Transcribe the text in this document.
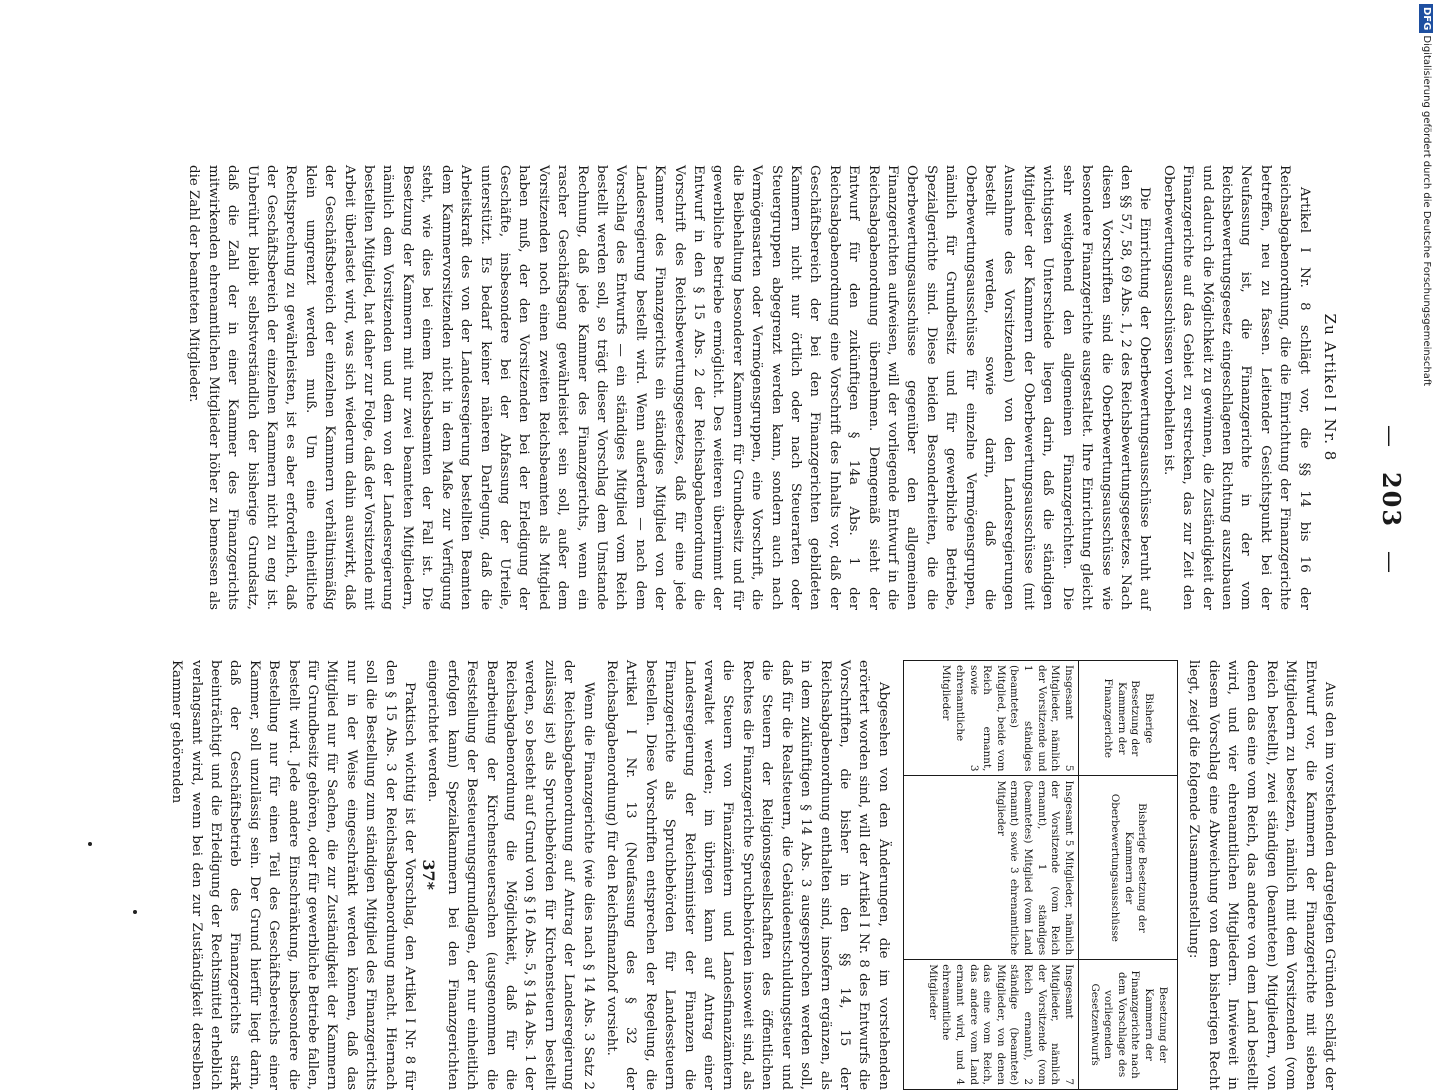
— 203 —
Zu Artikel I Nr. 8

Artikel I Nr. 8 schlägt vor, die §§ 14 bis 16 der Reichsabgabenordnung, die die Einrichtung der Finanzgerichte betreffen, neu zu fassen. Leitender Gesichtspunkt bei der Neufassung ist, die Finanzgerichte in der vom Reichsbewertungsgesetz eingeschlagenen Richtung auszubauen und dadurch die Möglichkeit zu gewinnen, die Zuständigkeit der Finanzgerichte auf das Gebiet zu erstrecken, das zur Zeit den Oberbewertungsausschüssen vorbehalten ist.

Die Einrichtung der Oberbewertungsausschüsse beruht auf den §§ 57, 58, 69 Abs. 1, 2 des Reichsbewertungsgesetzes. Nach diesen Vorschriften sind die Oberbewertungsausschüsse wie besondere Finanzgerichte ausgestaltet. Ihre Einrichtung gleicht sehr weitgehend den allgemeinen Finanzgerichten. Die wichtigsten Unterschiede liegen darin, daß die ständigen Mitglieder der Kammern der Oberbewertungsausschüsse (mit Ausnahme des Vorsitzenden) von den Landesregierungen bestellt werden, sowie darin, daß die Oberbewertungsausschüsse für einzelne Vermögensgruppen, nämlich für Grundbesitz und für gewerbliche Betriebe, Spezialgerichte sind. Diese beiden Besonderheiten, die die Oberbewertungsausschüsse gegenüber den allgemeinen Finanzgerichten aufweisen, will der vorliegende Entwurf in die Reichsabgabenordnung übernehmen. Demgemäß sieht der Entwurf für den zukünftigen § 14a Abs. 1 der Reichsabgabenordnung eine Vorschrift des Inhalts vor, daß der Geschäftsbereich der bei den Finanzgerichten gebildeten Kammern nicht nur örtlich oder nach Steuerarten oder Steuergruppen abgegrenzt werden kann, sondern auch nach Vermögensarten oder Vermögensgruppen, eine Vorschrift, die die Beibehaltung besonderer Kammern für Grundbesitz und für gewerbliche Betriebe ermöglicht. Des weiteren übernimmt der Entwurf in den § 15 Abs. 2 der Reichsabgabenordnung die Vorschrift des Reichsbewertungsgesetzes, daß für eine jede Kammer des Finanzgerichts ein ständiges Mitglied von der Landesregierung bestellt wird. Wenn außerdem — nach dem Vorschlag des Entwurfs — ein ständiges Mitglied vom Reich bestellt werden soll, so trägt dieser Vorschlag dem Umstande Rechnung, daß jede Kammer des Finanzgerichts, wenn ein rascher Geschäftsgang gewährleistet sein soll, außer dem Vorsitzenden noch einen zweiten Reichsbeamten als Mitglied haben muß, der den Vorsitzenden bei der Erledigung der Geschäfte, insbesondere bei der Abfassung der Urteile, unterstützt. Es bedarf keiner näheren Darlegung, daß die Arbeitskraft des von der Landesregierung bestellten Beamten dem Kammervorsitzenden nicht in dem Maße zur Verfügung steht, wie dies bei einem Reichsbeamten der Fall ist. Die Besetzung der Kammern mit nur zwei beamteten Mitgliedern, nämlich dem Vorsitzenden und dem von der Landesregierung bestellten Mitglied, hat daher zur Folge, daß der Vorsitzende mit Arbeit überlastet wird, was sich wiederum dahin auswirkt, daß der Geschäftsbereich der einzelnen Kammern verhältnismäßig klein umgrenzt werden muß. Um eine einheitliche Rechtsprechung zu gewährleisten, ist es aber erforderlich, daß der Geschäftsbereich der einzelnen Kammern nicht zu eng ist. Unberührt bleibt selbstverständlich der bisherige Grundsatz, daß die Zahl der in einer Kammer des Finanzgerichts mitwirkenden ehrenamtlichen Mitglieder höher zu bemessen als die Zahl der beamteten Mitglieder.

Aus den im vorstehenden dargelegten Gründen schlägt der Entwurf vor, die Kammern der Finanzgerichte mit sieben Mitgliedern zu besetzen, nämlich mit dem Vorsitzenden (vom Reich bestellt), zwei ständigen (beamteten) Mitgliedern, von denen das eine vom Reich, das andere von dem Land bestellt wird, und vier ehrenamtlichen Mitgliedern. Inwieweit in diesem Vorschlag eine Abweichung von dem bisherigen Recht liegt, zeigt die folgende Zusammenstellung:

Bisherige Besetzung der Kammern der Finanzgerichte	Bisherige Besetzung der Kammern der Oberbewertungsausschüsse	Besetzung der Kammern der Finanzgerichte nach dem Vorschlage des vorliegenden Gesetzentwurfs
Insgesamt 5 Mitglieder, nämlich der Vorsitzende und 1 ständiges (beamtetes) Mitglied, beide vom Reich ernannt, sowie 3 ehrenamtliche Mitglieder	Insgesamt 5 Mitglieder, nämlich der Vorsitzende (vom Reich ernannt), 1 ständiges (beamtetes) Mitglied (vom Land ernannt) sowie 3 ehrenamtliche Mitglieder	Insgesamt 7 Mitglieder, nämlich der Vorsitzende (vom Reich ernannt), 2 ständige (beamtete) Mitglieder, von denen das eine vom Reich, das andere vom Land ernannt wird, und 4 ehrenamtliche Mitglieder

Abgesehen von den Änderungen, die im vorstehenden erörtert worden sind, will der Artikel I Nr. 8 des Entwurfs die Vorschriften, die bisher in den §§ 14, 15 der Reichsabgabenordnung enthalten sind, insofern ergänzen, als in dem zukünftigen § 14 Abs. 3 ausgesprochen werden soll, daß für die Realsteuern, die Gebäudeentschuldungsteuer und die Steuern der Religionsgesellschaften des öffentlichen Rechtes die Finanzgerichte Spruchbehörden insoweit sind, als die Steuern von Finanzämtern und Landesfinanzämtern verwaltet werden; im übrigen kann auf Antrag einer Landesregierung der Reichsminister der Finanzen die Finanzgerichte als Spruchbehörden für Landessteuern bestellen. Diese Vorschriften entsprechen der Regelung, die Artikel I Nr. 13 (Neufassung des § 32 der Reichsabgabenordnung) für den Reichsfinanzhof vorsieht.

Wenn die Finanzgerichte (wie dies nach § 14 Abs. 3 Satz 2 der Reichsabgabenordnung auf Antrag der Landesregierung zulässig ist) als Spruchbehörden für Kirchensteuern bestellt werden, so besteht auf Grund von § 16 Abs. 5, § 14a Abs. 1 der Reichsabgabenordnung die Möglichkeit, daß für die Bearbeitung der Kirchensteuersachen (ausgenommen die Feststellung der Besteuerungsgrundlagen, der nur einheitlich erfolgen kann) Spezialkammern bei den Finanzgerichten eingerichtet werden.

Praktisch wichtig ist der Vorschlag, den Artikel I Nr. 8 für den § 15 Abs. 3 der Reichsabgabenordnung macht. Hiernach soll die Bestellung zum ständigen Mitglied des Finanzgerichts nur in der Weise eingeschränkt werden können, daß das Mitglied nur für Sachen, die zur Zuständigkeit der Kammern für Grundbesitz gehören, oder für gewerbliche Betriebe fallen, bestellt wird. Jede andere Einschränkung, insbesondere die Bestellung nur für einen Teil des Geschäftsbereichs einer Kammer, soll unzulässig sein. Der Grund hierfür liegt darin, daß der Geschäftsbetrieb des Finanzgerichts stark beeinträchtigt und die Erledigung der Rechtsmittel erheblich verlangsamt wird, wenn bei den zur Zuständigkeit derselben Kammer gehörenden

37*
DFGDigitalisierung gefördert durch die Deutsche Forschungsgemeinschaft
